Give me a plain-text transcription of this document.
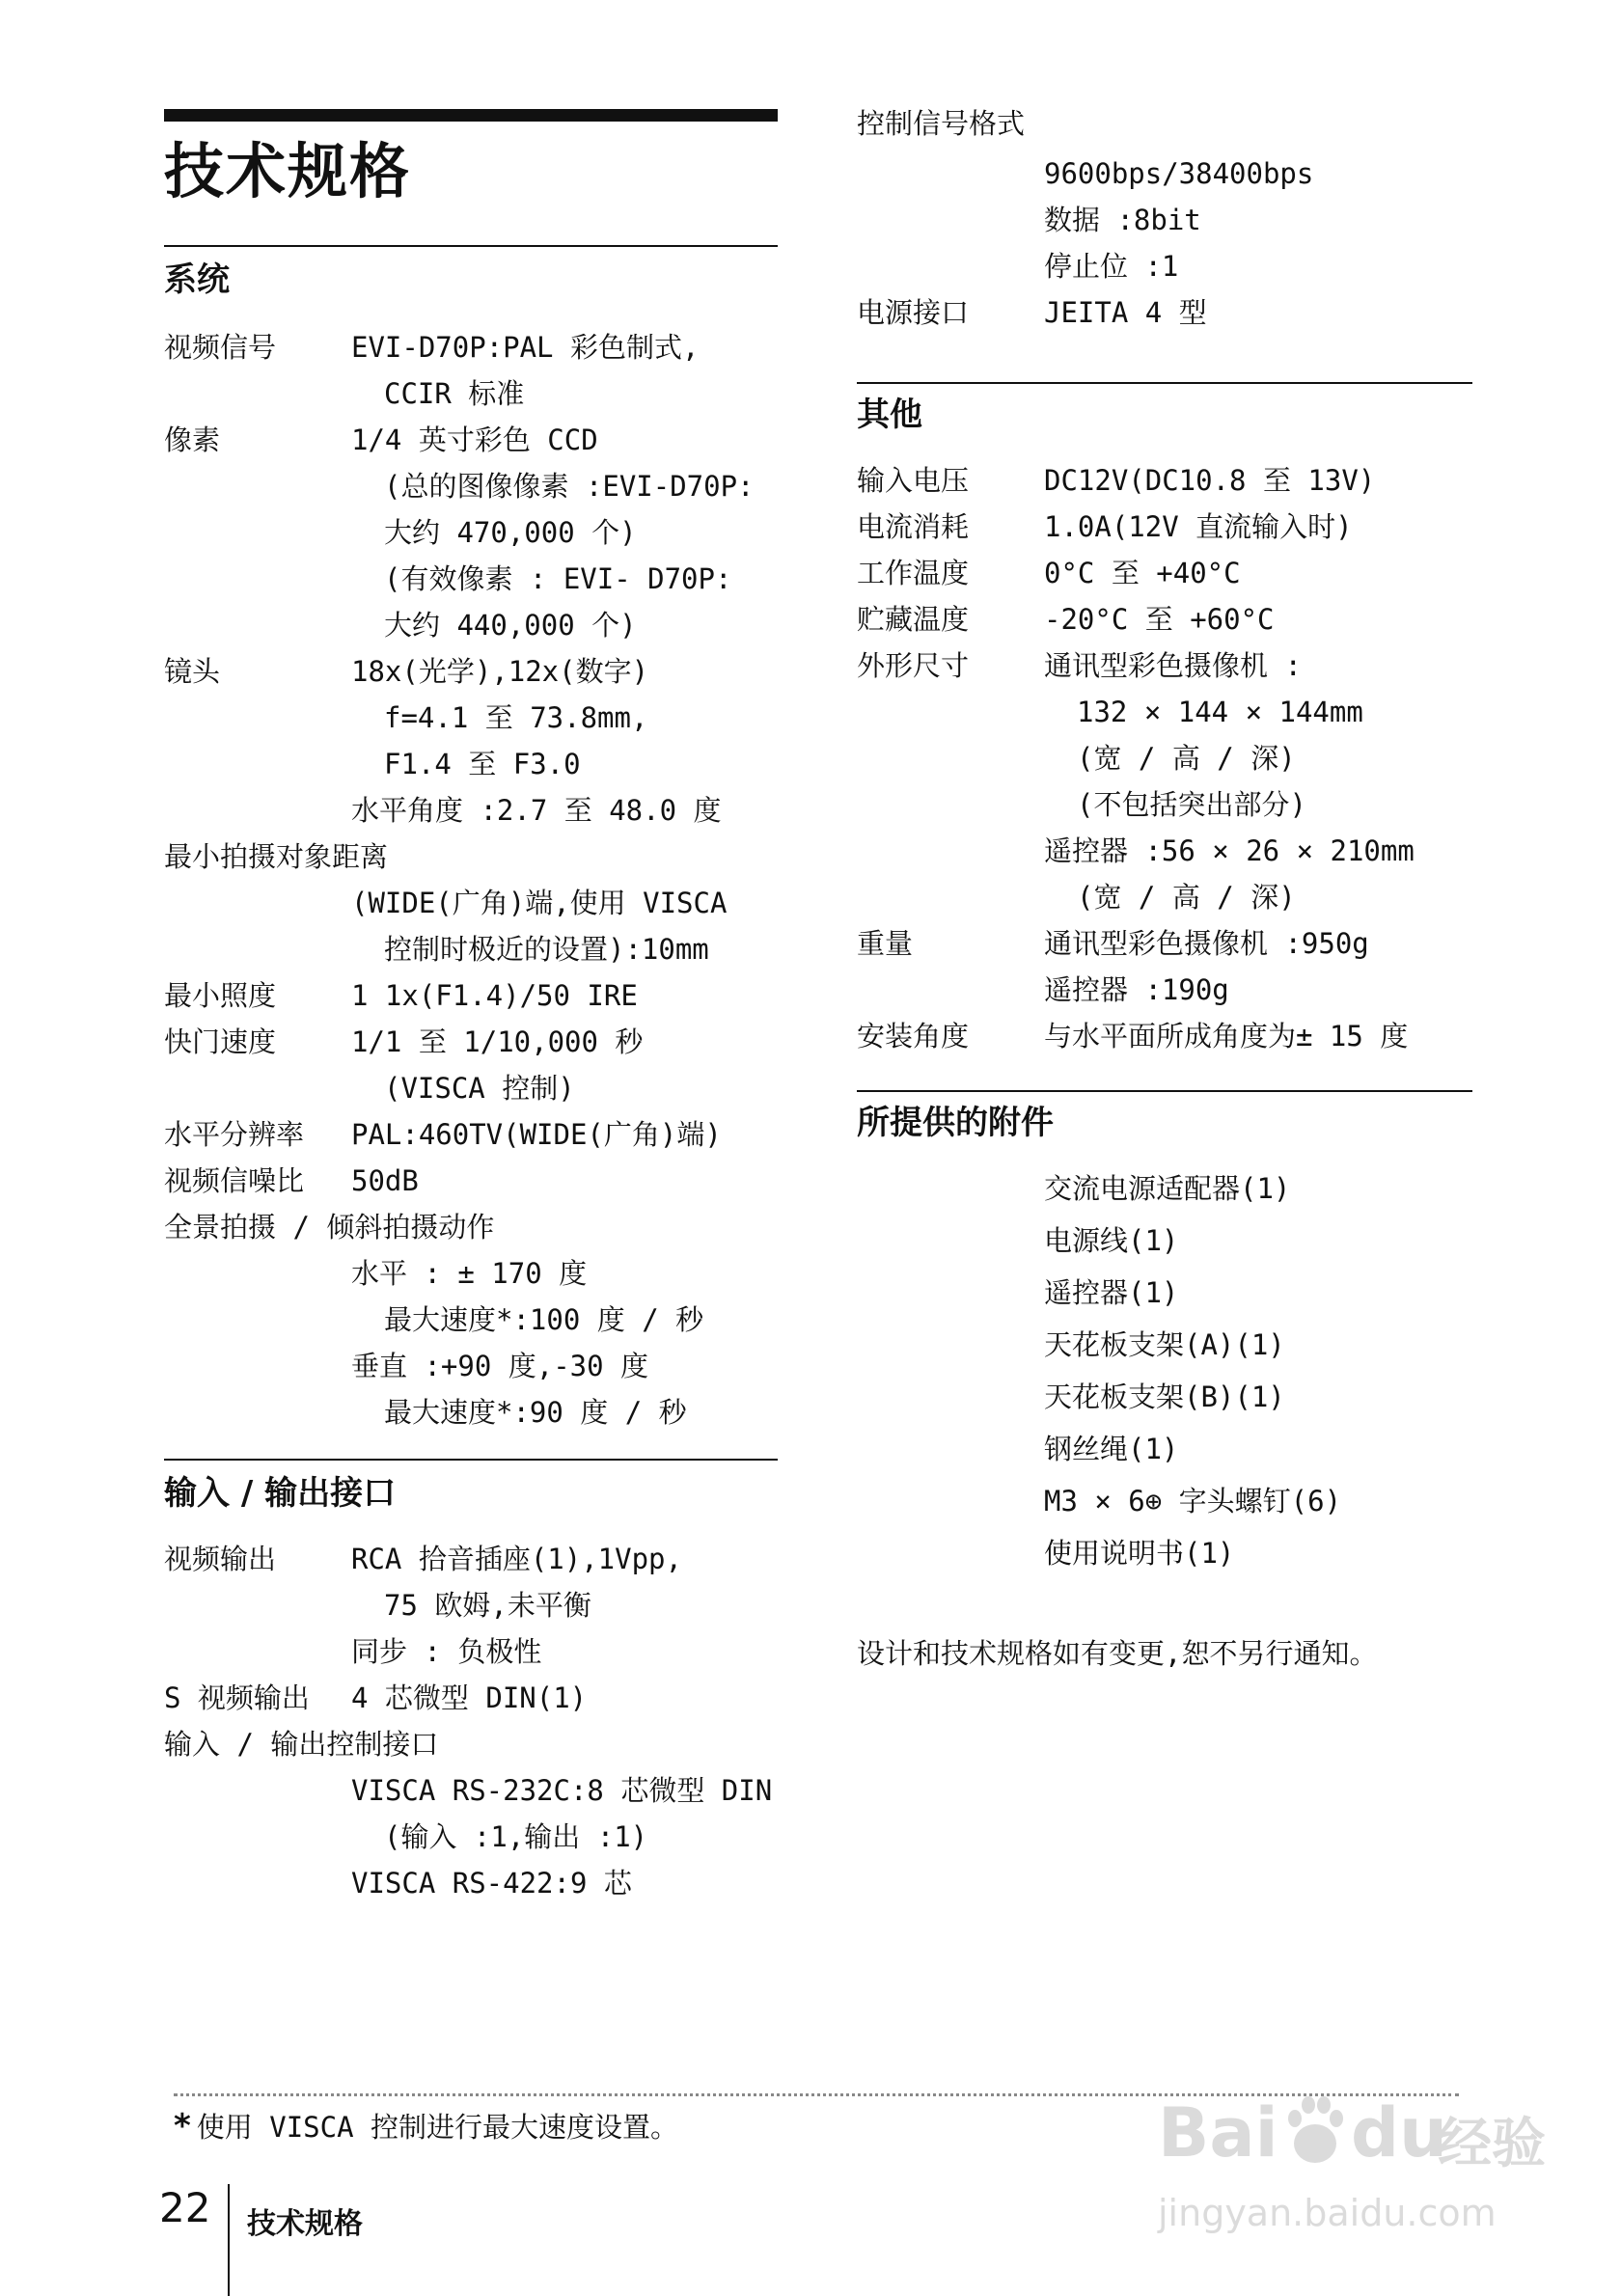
技术规格
系统
视频信号	EVI-D70P:PAL 彩色制式,
CCIR 标准
像素	1/4 英寸彩色 CCD
(总的图像像素 :EVI-D70P:
大约 470,000 个)
(有效像素 : EVI- D70P:
大约 440,000 个)
镜头	18x(光学),12x(数字)
f=4.1 至 73.8mm,
F1.4 至 F3.0
水平角度 :2.7 至 48.0 度
最小拍摄对象距离
(WIDE(广角)端,使用 VISCA
控制时极近的设置):10mm
最小照度	1 1x(F1.4)/50 IRE
快门速度	1/1 至 1/10,000 秒
(VISCA 控制)
水平分辨率 PAL:460TV(WIDE(广角)端)
视频信噪比 50dB
全景拍摄 / 倾斜拍摄动作
水平 : ± 170 度
最大速度*:100 度 / 秒
垂直 :+90 度,-30 度
最大速度*:90 度 / 秒
输入 / 输出接口
视频输出	RCA 拾音插座(1),1Vpp,
75 欧姆,未平衡
同步 : 负极性
S 视频输出 4 芯微型 DIN(1)
输入 / 输出控制接口
VISCA RS-232C:8 芯微型 DIN
(输入 :1,输出 :1)
VISCA RS-422:9 芯
控制信号格式
9600bps/38400bps
数据 :8bit
停止位 :1
电源接口	JEITA 4 型
其他
输入电压	DC12V(DC10.8 至 13V)
电流消耗	1.0A(12V 直流输入时)
工作温度	0°C 至 +40°C
贮藏温度	-20°C 至 +60°C
外形尺寸	通讯型彩色摄像机 :
132 × 144 × 144mm
(宽 / 高 / 深)
(不包括突出部分)
遥控器 :56 × 26 × 210mm
(宽 / 高 / 深)
重量	通讯型彩色摄像机 :950g
遥控器 :190g
安装角度	与水平面所成角度为± 15 度
所提供的附件
交流电源适配器(1)
电源线(1)
遥控器(1)
天花板支架(A)(1)
天花板支架(B)(1)
钢丝绳(1)
M3 × 6⊕ 字头螺钉(6)
使用说明书(1)
设计和技术规格如有变更,恕不另行通知。
* 使用 VISCA 控制进行最大速度设置。
22 技术规格
Bai du
经验
jingyan.baidu.com
